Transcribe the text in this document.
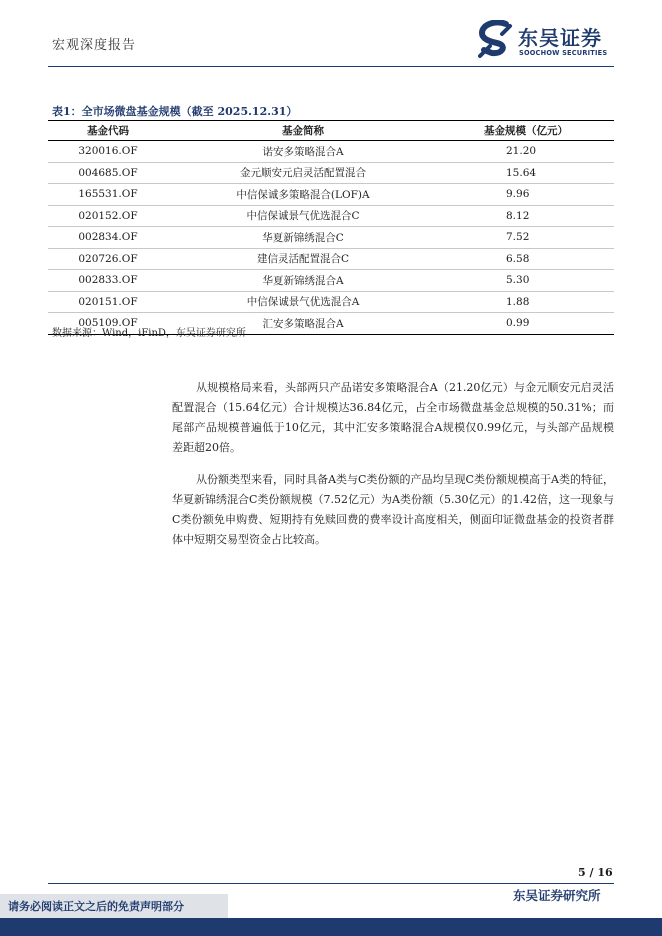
宏观深度报告	东吴证券
SOOCHOW SECURITIES
表1：全市场微盘基金规模（截至 2025.12.31）
基金代码	基金简称	基金规模（亿元）
320016.OF	诺安多策略混合A	21.20
004685.OF	金元顺安元启灵活配置混合	15.64
165531.OF	中信保诚多策略混合(LOF)A	9.96
020152.OF	中信保诚景气优选混合C	8.12
002834.OF	华夏新锦绣混合C	7.52
020726.OF	建信灵活配置混合C	6.58
002833.OF	华夏新锦绣混合A	5.30
020151.OF	中信保诚景气优选混合A	1.88
005109.OF	汇安多策略混合A	0.99
数据来源：Wind，iFinD，东吴证券研究所

从规模格局来看，头部两只产品诺安多策略混合A（21.20亿元）与金元顺安元启灵活配置混合（15.64亿元）合计规模达36.84亿元，占全市场微盘基金总规模的50.31%；而尾部产品规模普遍低于10亿元，其中汇安多策略混合A规模仅0.99亿元，与头部产品规模差距超20倍。

从份额类型来看，同时具备A类与C类份额的产品均呈现C类份额规模高于A类的特征，华夏新锦绣混合C类份额规模（7.52亿元）为A类份额（5.30亿元）的1.42倍，这一现象与C类份额免申购费、短期持有免赎回费的费率设计高度相关，侧面印证微盘基金的投资者群体中短期交易型资金占比较高。

5 / 16
东吴证券研究所
请务必阅读正文之后的免责声明部分
